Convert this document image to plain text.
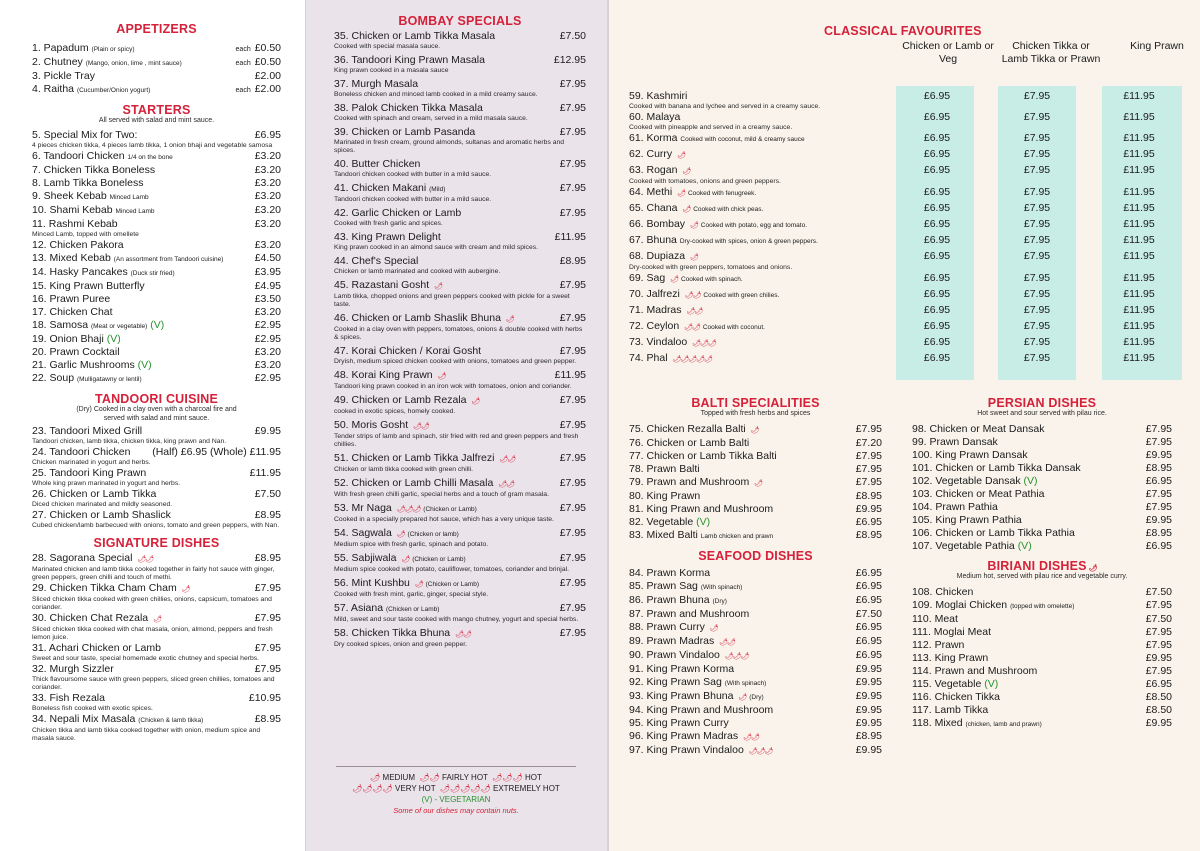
APPETIZERS
1. Papadum (Plain or spicy)	each £0.50
2. Chutney (Mango, onion, lime , mint sauce)	each £0.50
3. Pickle Tray	£2.00
4. Raitha (Cucumber/Onion yogurt)	each £2.00
STARTERS
All served with salad and mint sauce.
5. Special Mix for Two:	£6.95
4 pieces chicken tikka, 4 pieces lamb tikka, 1 onion bhaji and vegetable samosa
6. Tandoori Chicken 1/4 on the bone	£3.20
7. Chicken Tikka Boneless	£3.20
8. Lamb Tikka Boneless	£3.20
9. Sheek Kebab Minced Lamb	£3.20
10. Shami Kebab Minced Lamb	£3.20
11. Rashmi Kebab	£3.20
Minced Lamb, topped with omellete
12. Chicken Pakora	£3.20
13. Mixed Kebab (An assortment from Tandoori cuisine)	£4.50
14. Hasky Pancakes (Duck stir fried)	£3.95
15. King Prawn Butterfly	£4.95
16. Prawn Puree	£3.50
17. Chicken Chat	£3.20
18. Samosa (Meat or vegetable) (V)	£2.95
19. Onion Bhaji (V)	£2.95
20. Prawn Cocktail	£3.20
21. Garlic Mushrooms (V)	£3.20
22. Soup (Mulligatawny or lentil)	£2.95
TANDOORI CUISINE
(Dry) Cooked in a clay oven with a charcoal fire and
served with salad and mint sauce.
23. Tandoori Mixed Grill	£9.95
Tandoori chicken, lamb tikka, chicken tikka, king prawn and Nan.
24. Tandoori Chicken	(Half) £6.95 (Whole) £11.95
Chicken marinated in yogurt and herbs.
25. Tandoori King Prawn	£11.95
Whole king prawn marinated in yogurt and herbs.
26. Chicken or Lamb Tikka	£7.50
Diced chicken marinated and mildly seasoned.
27. Chicken or Lamb Shaslick	£8.95
Cubed chicken/lamb barbecued with onions, tomato and green peppers, with Nan.
SIGNATURE DISHES
28. Sagorana Special 🌶🌶	£8.95
Marinated chicken and lamb tikka cooked together in fairly hot sauce with ginger, green peppers, green chilli and touch of methi.
29. Chicken Tikka Cham Cham 🌶	£7.95
Sliced chicken tikka cooked with green chillies, onions, capsicum, tomatoes and coriander.
30. Chicken Chat Rezala 🌶	£7.95
Sliced chicken tikka cooked with chat masala, onion, almond, peppers and fresh lemon juice.
31. Achari Chicken or Lamb	£7.95
Sweet and sour taste, special homemade exotic chutney and special herbs.
32. Murgh Sizzler	£7.95
Thick flavoursome sauce with green peppers, sliced green chillies, tomatoes and coriander.
33. Fish Rezala	£10.95
Boneless fish cooked with exotic spices.
34. Nepali Mix Masala (Chicken & lamb tikka)	£8.95
Chicken tikka and lamb tikka cooked together with onion, medium spice and masala sauce.
BOMBAY SPECIALS
35. Chicken or Lamb Tikka Masala	£7.50
Cooked with special masala sauce.
36. Tandoori King Prawn Masala	£12.95
King prawn cooked in a masala sauce
37. Murgh Masala	£7.95
Boneless chicken and minced lamb cooked in a mild creamy sauce.
38. Palok Chicken Tikka Masala	£7.95
Cooked with spinach and cream, served in a mild masala sauce.
39. Chicken or Lamb Pasanda	£7.95
Marinated in fresh cream, ground almonds, sultanas and aromatic herbs and spices.
40. Butter Chicken	£7.95
Tandoori chicken cooked with butter in a mild sauce.
41. Chicken Makani (Mild)	£7.95
Tandoori chicken cooked with butter in a mild sauce.
42. Garlic Chicken or Lamb	£7.95
Cooked with fresh garlic and spices.
43. King Prawn Delight	£11.95
King prawn cooked in an almond sauce with cream and mild spices.
44. Chef's Special	£8.95
Chicken or lamb marinated and cooked with aubergine.
45. Razastani Gosht 🌶	£7.95
Lamb tikka, chopped onions and green peppers cooked with pickle for a sweet taste.
46. Chicken or Lamb Shaslik Bhuna 🌶	£7.95
Cooked in a clay oven with peppers, tomatoes, onions & double cooked with herbs & spices.
47. Korai Chicken / Korai Gosht	£7.95
Dryish, medium spiced chicken cooked with onions, tomatoes and green pepper.
48. Korai King Prawn 🌶	£11.95
Tandoori king prawn cooked in an iron wok with tomatoes, onion and coriander.
49. Chicken or Lamb Rezala 🌶	£7.95
cooked in exotic spices, homely cooked.
50. Moris Gosht 🌶🌶	£7.95
Tender strips of lamb and spinach, stir fried with red and green peppers and fresh chillies.
51. Chicken or Lamb Tikka Jalfrezi 🌶🌶	£7.95
Chicken or lamb tikka cooked with green chilli.
52. Chicken or Lamb Chilli Masala 🌶🌶	£7.95
With fresh green chilli garlic, special herbs and a touch of gram masala.
53. Mr Naga 🌶🌶🌶 (Chicken or Lamb)	£7.95
Cooked in a specially prepared hot sauce, which has a very unique taste.
54. Sagwala 🌶 (Chicken or lamb)	£7.95
Medium spice with fresh garlic, spinach and potato.
55. Sabjiwala 🌶 (Chicken or Lamb)	£7.95
Medium spice cooked with potato, cauliflower, tomatoes, coriander and brinjal.
56. Mint Kushbu 🌶 (Chicken or Lamb)	£7.95
Cooked with fresh mint, garlic, ginger, special style.
57. Asiana (Chicken or Lamb)	£7.95
Mild, sweet and sour taste cooked with mango chutney, yogurt and special herbs.
58. Chicken Tikka Bhuna 🌶🌶	£7.95
Dry cooked spices, onion and green pepper.
🌶 MEDIUM 🌶🌶 FAIRLY HOT 🌶🌶🌶 HOT
🌶🌶🌶🌶 VERY HOT 🌶🌶🌶🌶🌶 EXTREMELY HOT
(V) - VEGETARIAN
Some of our dishes may contain nuts.
CLASSICAL FAVOURITES
Chicken or Lamb or Veg
Chicken Tikka or Lamb Tikka or Prawn
King Prawn
59. Kashmiri	£6.95	£7.95	£11.95
Cooked with banana and lychee and served in a creamy sauce.
60. Malaya	£6.95	£7.95	£11.95
Cooked with pineapple and served in a creamy sauce.
61. Korma Cooked with coconut, mild & creamy sauce	£6.95	£7.95	£11.95
62. Curry 🌶	£6.95	£7.95	£11.95
63. Rogan 🌶	£6.95	£7.95	£11.95
Cooked with tomatoes, onions and green peppers.
64. Methi 🌶 Cooked with fenugreek.	£6.95	£7.95	£11.95
65. Chana 🌶 Cooked with chick peas.	£6.95	£7.95	£11.95
66. Bombay 🌶 Cooked with potato, egg and tomato.	£6.95	£7.95	£11.95
67. Bhuna Dry-cooked with spices, onion & green peppers.	£6.95	£7.95	£11.95
68. Dupiaza 🌶	£6.95	£7.95	£11.95
Dry-cooked with green peppers, tomatoes and onions.
69. Sag 🌶 Cooked with spinach.	£6.95	£7.95	£11.95
70. Jalfrezi 🌶🌶 Cooked with green chilies.	£6.95	£7.95	£11.95
71. Madras 🌶🌶	£6.95	£7.95	£11.95
72. Ceylon 🌶🌶 Cooked with coconut.	£6.95	£7.95	£11.95
73. Vindaloo 🌶🌶🌶	£6.95	£7.95	£11.95
74. Phal 🌶🌶🌶🌶🌶	£6.95	£7.95	£11.95
BALTI SPECIALITIES
Topped with fresh herbs and spices
75. Chicken Rezalla Balti 🌶	£7.95
76. Chicken or Lamb Balti	£7.20
77. Chicken or Lamb Tikka Balti	£7.95
78. Prawn Balti	£7.95
79. Prawn and Mushroom 🌶	£7.95
80. King Prawn	£8.95
81. King Prawn and Mushroom	£9.95
82. Vegetable (V)	£6.95
83. Mixed Balti Lamb chicken and prawn	£8.95
SEAFOOD DISHES
84. Prawn Korma	£6.95
85. Prawn Sag (With spinach)	£6.95
86. Prawn Bhuna (Dry)	£6.95
87. Prawn and Mushroom	£7.50
88. Prawn Curry 🌶	£6.95
89. Prawn Madras 🌶🌶	£6.95
90. Prawn Vindaloo 🌶🌶🌶	£6.95
91. King Prawn Korma	£9.95
92. King Prawn Sag (With spinach)	£9.95
93. King Prawn Bhuna 🌶 (Dry)	£9.95
94. King Prawn and Mushroom	£9.95
95. King Prawn Curry	£9.95
96. King Prawn Madras 🌶🌶	£8.95
97. King Prawn Vindaloo 🌶🌶🌶	£9.95
PERSIAN DISHES
Hot sweet and sour served with pilau rice.
98. Chicken or Meat Dansak	£7.95
99. Prawn Dansak	£7.95
100. King Prawn Dansak	£9.95
101. Chicken or Lamb Tikka Dansak	£8.95
102. Vegetable Dansak (V)	£6.95
103. Chicken or Meat Pathia	£7.95
104. Prawn Pathia	£7.95
105. King Prawn Pathia	£9.95
106. Chicken or Lamb Tikka Pathia	£8.95
107. Vegetable Pathia (V)	£6.95
BIRIANI DISHES 🌶
Medium hot, served with pilau rice and vegetable curry.
108. Chicken	£7.50
109. Moglai Chicken (topped with omelette)	£7.95
110. Meat	£7.50
111. Moglai Meat	£7.95
112. Prawn	£7.95
113. King Prawn	£9.95
114. Prawn and Mushroom	£7.95
115. Vegetable (V)	£6.95
116. Chicken Tikka	£8.50
117. Lamb Tikka	£8.50
118. Mixed (chicken, lamb and prawn)	£9.95
